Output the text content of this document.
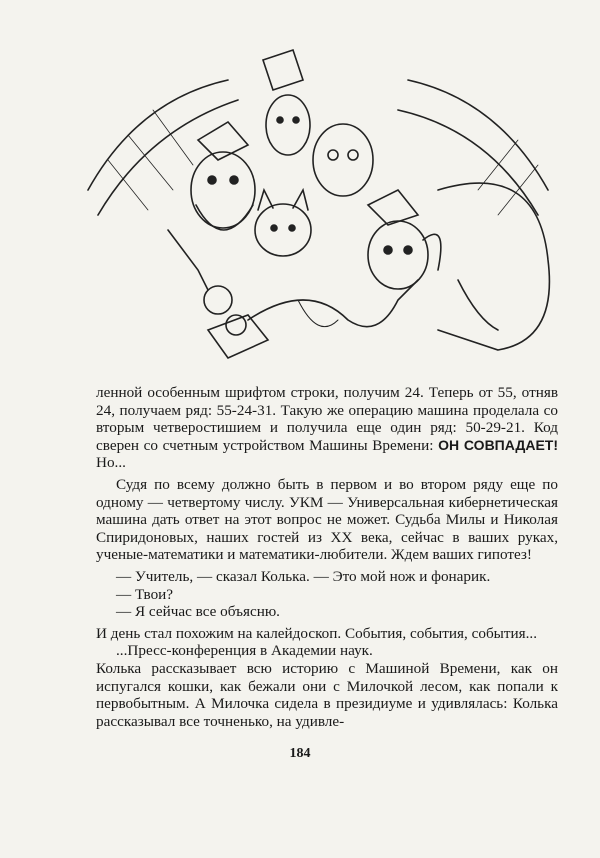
ленной особенным шрифтом строки, получим 24. Теперь от 55, отняв 24, получаем ряд: 55-24-31. Такую же операцию машина проделала со вторым четверостишием и получила еще один ряд: 50-29-21. Код сверен со счетным устройством Машины Времени: ОН СОВПАДАЕТ! Но...

Судя по всему должно быть в первом и во втором ряду еще по одному — четвертому числу. УКМ — Универсальная кибернетическая машина дать ответ на этот вопрос не может. Судьба Милы и Николая Спиридоновых, наших гостей из XX века, сейчас в ваших руках, ученые-математики и математики-любители. Ждем ваших гипотез!

— Учитель, — сказал Колька. — Это мой нож и фонарик.

— Твои?

— Я сейчас все объясню.

И день стал похожим на калейдоскоп. События, события, события...

...Пресс-конференция в Академии наук.

Колька рассказывает всю историю с Машиной Времени, как он испугался кошки, как бежали они с Милочкой лесом, как попали к первобытным. А Милочка сидела в президиуме и удивлялась: Колька рассказывал все точненько, на удивле-

184
